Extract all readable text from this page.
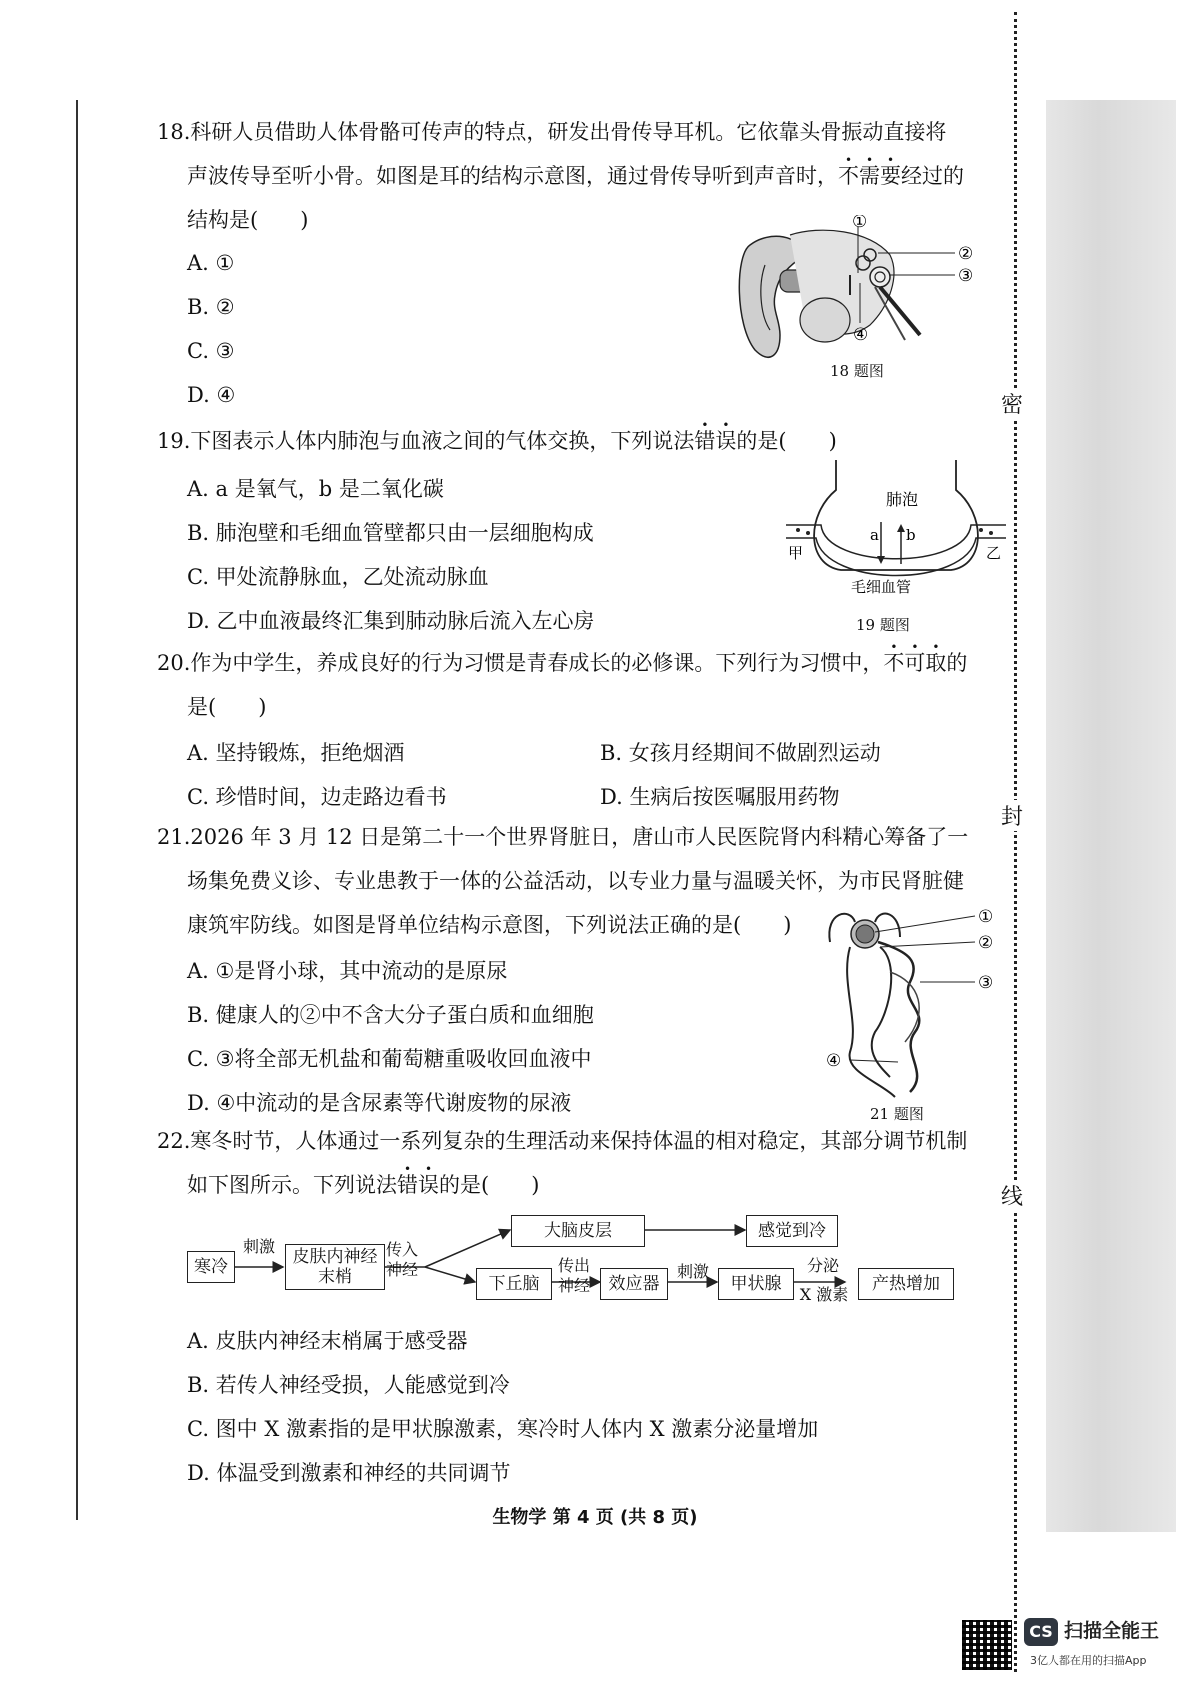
密
封
线
18.科研人员借助人体骨骼可传声的特点，研发出骨传导耳机。它依靠头骨振动直接将
声波传导至听小骨。如图是耳的结构示意图，通过骨传导听到声音时，不需要经过的
结构是(　　)
A. ①
B. ②
C. ③
D. ④
①
②
③
④
18 题图
19.下图表示人体内肺泡与血液之间的气体交换，下列说法错误的是(　　)
A. a 是氧气，b 是二氧化碳
B. 肺泡壁和毛细血管壁都只由一层细胞构成
C. 甲处流静脉血，乙处流动脉血
D. 乙中血液最终汇集到肺动脉后流入左心房
肺泡
a b
甲	乙
毛细血管
19 题图
20.作为中学生，养成良好的行为习惯是青春成长的必修课。下列行为习惯中，不可取的
是(　　)
A. 坚持锻炼，拒绝烟酒	B. 女孩月经期间不做剧烈运动
C. 珍惜时间，边走路边看书	D. 生病后按医嘱服用药物
21.2026 年 3 月 12 日是第二十一个世界肾脏日，唐山市人民医院肾内科精心筹备了一
场集免费义诊、专业患教于一体的公益活动，以专业力量与温暖关怀，为市民肾脏健
康筑牢防线。如图是肾单位结构示意图，下列说法正确的是(　　)
A. ①是肾小球，其中流动的是原尿
B. 健康人的②中不含大分子蛋白质和血细胞
C. ③将全部无机盐和葡萄糖重吸收回血液中
D. ④中流动的是含尿素等代谢废物的尿液
①
②
③
④
21 题图
22.寒冬时节，人体通过一系列复杂的生理活动来保持体温的相对稳定，其部分调节机制
如下图所示。下列说法错误的是(　　)
寒冷
刺激
皮肤内神经末梢
传入神经
大脑皮层	感觉到冷
下丘脑
传出神经	效应器
刺激
甲状腺
分泌
X 激素
产热增加
A. 皮肤内神经末梢属于感受器
B. 若传人神经受损，人能感觉到冷
C. 图中 X 激素指的是甲状腺激素，寒冷时人体内 X 激素分泌量增加
D. 体温受到激素和神经的共同调节
生物学 第 4 页 (共 8 页)
CS 扫描全能王
3亿人都在用的扫描App
